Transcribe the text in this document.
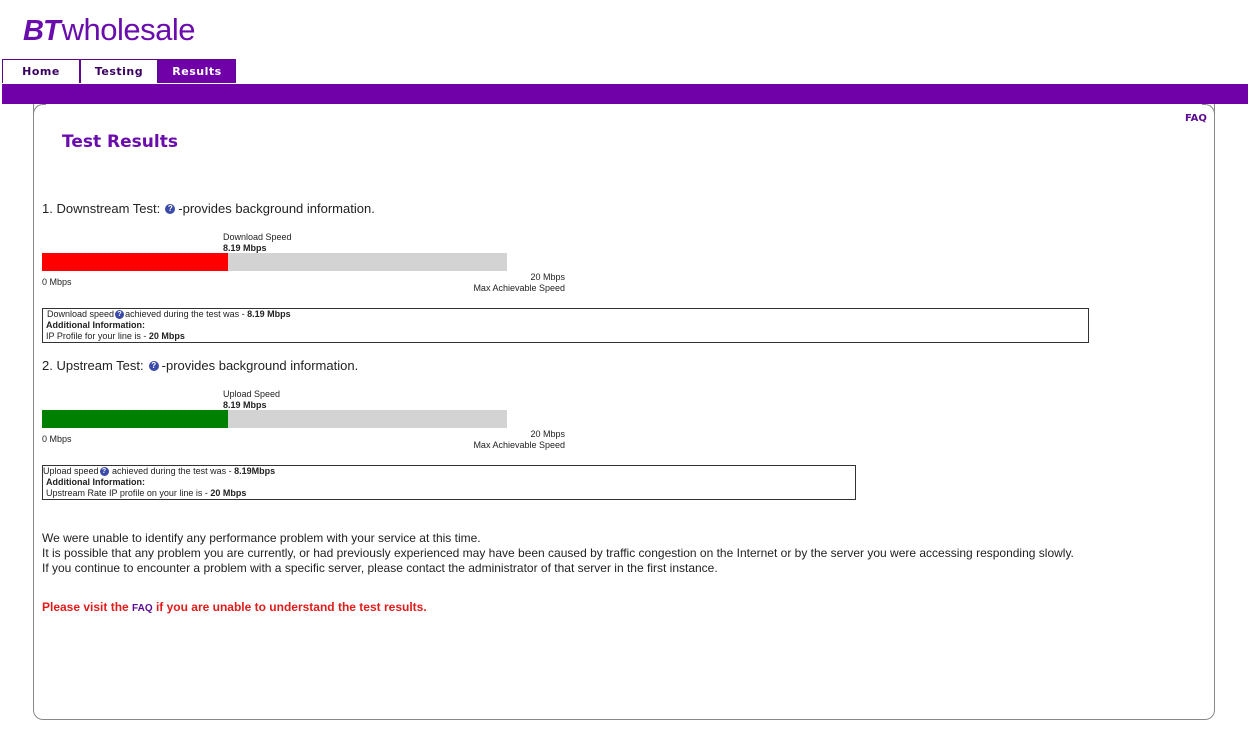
BT wholesale
Home	Testing	Results
FAQ
Test Results
1. Downstream Test: ? -provides background information.
Download Speed
8.19 Mbps
0 Mbps	20 Mbps
Max Achievable Speed
Download speed ? achieved during the test was - 8.19 Mbps
Additional Information:
IP Profile for your line is - 20 Mbps
2. Upstream Test: ? -provides background information.
Upload Speed
8.19 Mbps
0 Mbps	20 Mbps
Max Achievable Speed
Upload speed ? achieved during the test was - 8.19Mbps
Additional Information:
Upstream Rate IP profile on your line is - 20 Mbps
We were unable to identify any performance problem with your service at this time.
It is possible that any problem you are currently, or had previously experienced may have been caused by traffic congestion on the Internet or by the server you were accessing responding slowly.
If you continue to encounter a problem with a specific server, please contact the administrator of that server in the first instance.
Please visit the FAQ if you are unable to understand the test results.
